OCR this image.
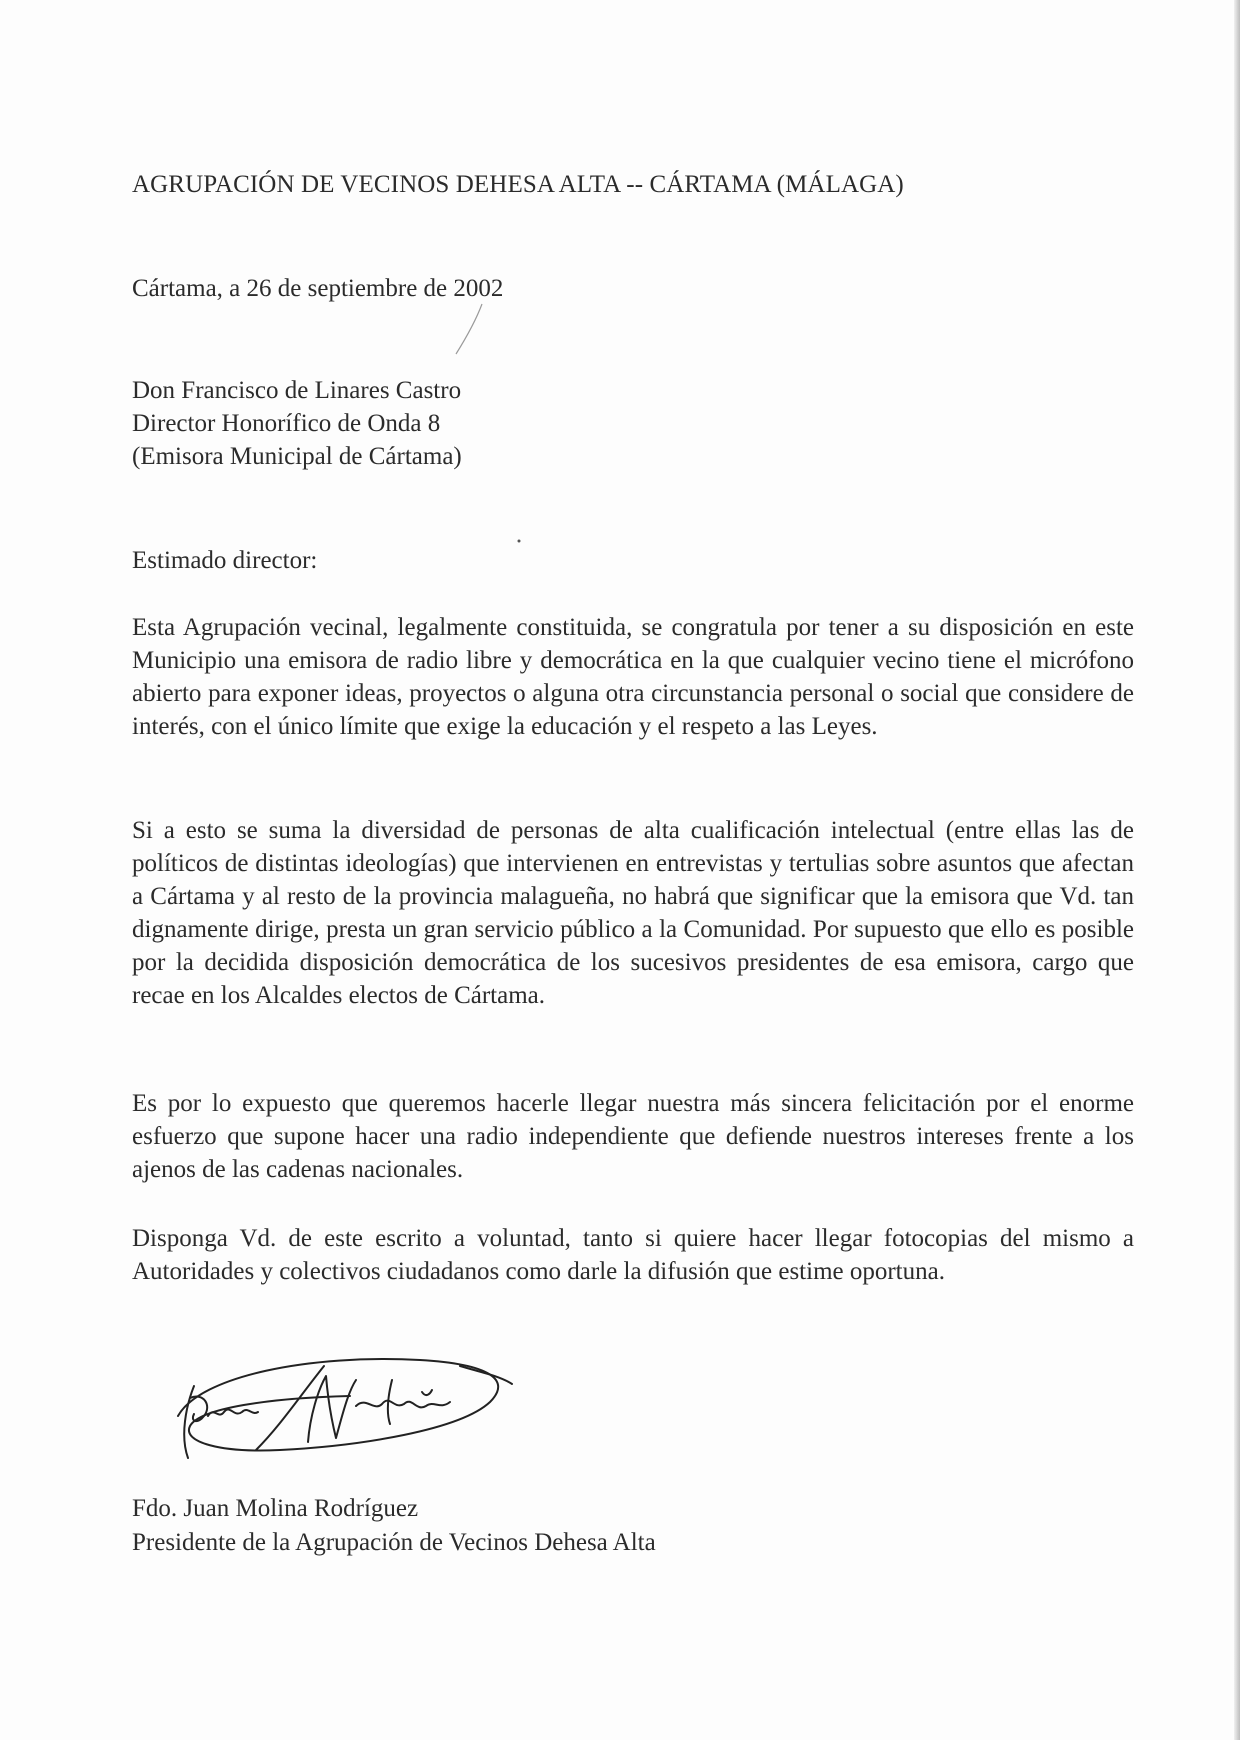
AGRUPACIÓN DE VECINOS DEHESA ALTA -- CÁRTAMA (MÁLAGA)
Cártama, a 26 de septiembre de 2002
Don Francisco de Linares Castro
Director Honorífico de Onda 8
(Emisora Municipal de Cártama)
Estimado director:

Esta Agrupación vecinal, legalmente constituida, se congratula por tener a su disposición en este Municipio una emisora de radio libre y democrática en la que cualquier vecino tiene el micrófono abierto para exponer ideas, proyectos o alguna otra circunstancia personal o social que considere de interés, con el único límite que exige la educación y el respeto a las Leyes.

Si a esto se suma la diversidad de personas de alta cualificación intelectual (entre ellas las de políticos de distintas ideologías) que intervienen en entrevistas y tertulias sobre asuntos que afectan a Cártama y al resto de la provincia malagueña, no habrá que significar que la emisora que Vd. tan dignamente dirige, presta un gran servicio público a la Comunidad. Por supuesto que ello es posible por la decidida disposición democrática de los sucesivos presidentes de esa emisora, cargo que recae en los Alcaldes electos de Cártama.

Es por lo expuesto que queremos hacerle llegar nuestra más sincera felicitación por el enorme esfuerzo que supone hacer una radio independiente que defiende nuestros intereses frente a los ajenos de las cadenas nacionales.

Disponga Vd. de este escrito a voluntad, tanto si quiere hacer llegar fotocopias del mismo a Autoridades y colectivos ciudadanos como darle la difusión que estime oportuna.

Fdo. Juan Molina Rodríguez
Presidente de la Agrupación de Vecinos Dehesa Alta
